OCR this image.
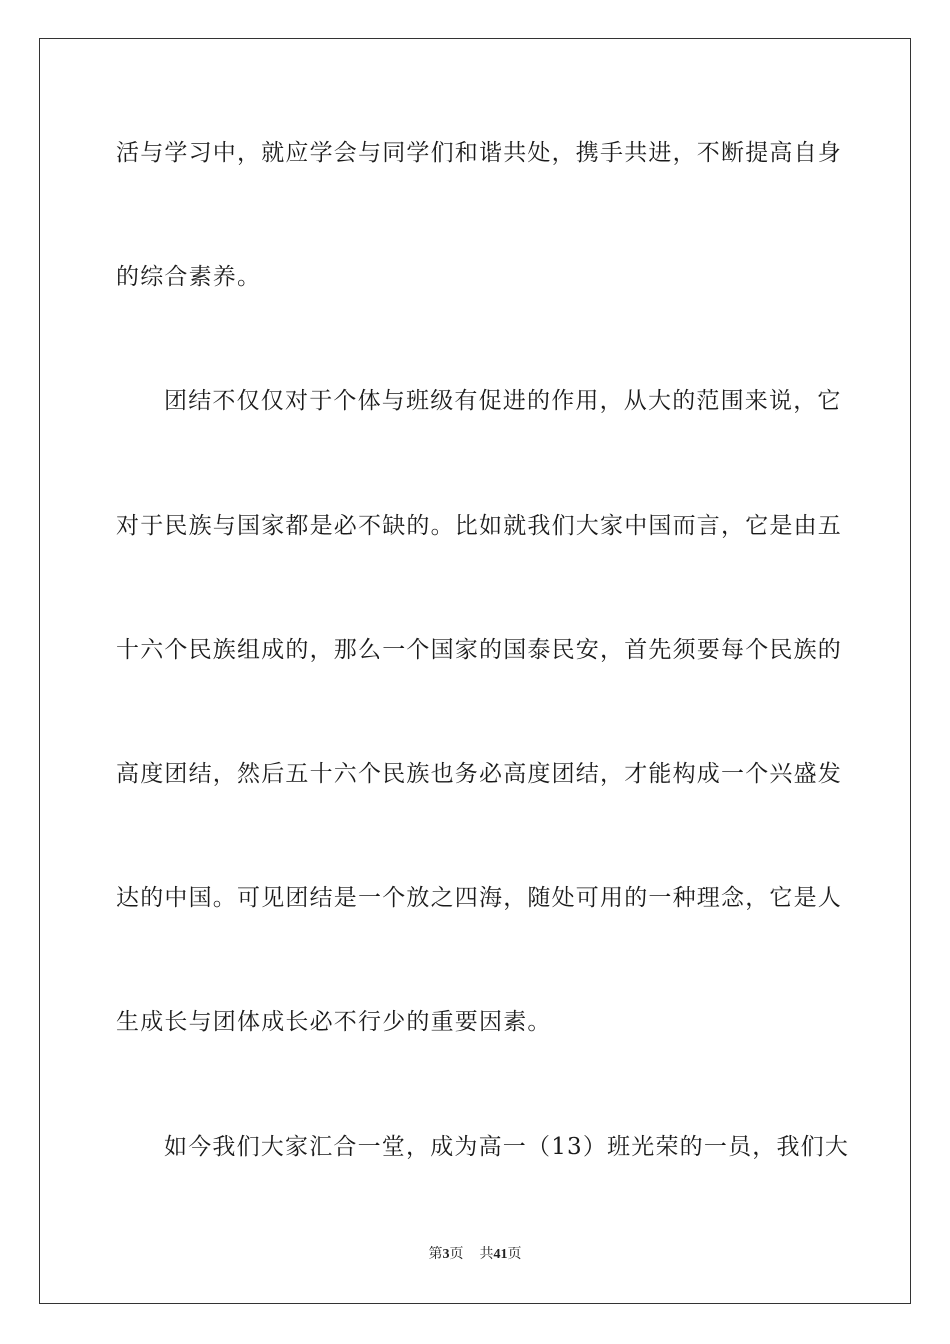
活与学习中，就应学会与同学们和谐共处，携手共进，不断提高自身
的综合素养。
团结不仅仅对于个体与班级有促进的作用，从大的范围来说，它
对于民族与国家都是必不缺的。比如就我们大家中国而言，它是由五
十六个民族组成的，那么一个国家的国泰民安，首先须要每个民族的
高度团结，然后五十六个民族也务必高度团结，才能构成一个兴盛发
达的中国。可见团结是一个放之四海，随处可用的一种理念，它是人
生成长与团体成长必不行少的重要因素。
如今我们大家汇合一堂，成为高一（13）班光荣的一员，我们大
第3页 共41页
